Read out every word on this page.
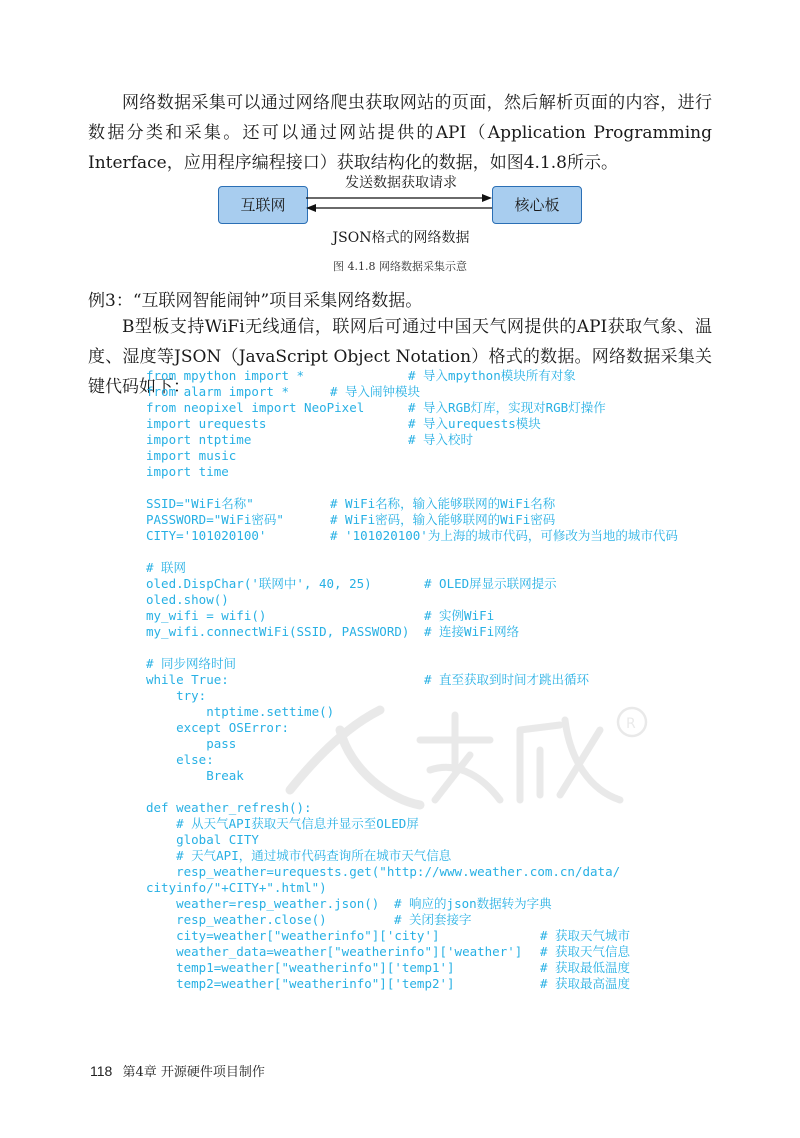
网络数据采集可以通过网络爬虫获取网站的页面，然后解析页面的内容，进行数据分类和采集。还可以通过网站提供的API（Application Programming Interface，应用程序编程接口）获取结构化的数据，如图4.1.8所示。
发送数据获取请求
互联网	核心板
JSON格式的网络数据
图 4.1.8 网络数据采集示意
例3：“互联网智能闹钟”项目采集网络数据。
B型板支持WiFi无线通信，联网后可通过中国天气网提供的API获取气象、温度、湿度等JSON（JavaScript Object Notation）格式的数据。网络数据采集关键代码如下：
from mpython import *	# 导入mpython模块所有对象
from alarm import *	# 导入闹钟模块
from neopixel import NeoPixel	# 导入RGB灯库，实现对RGB灯操作
import urequests	# 导入urequests模块
import ntptime	# 导入校时
import music
import time
SSID="WiFi名称"	# WiFi名称，输入能够联网的WiFi名称
PASSWORD="WiFi密码"	# WiFi密码，输入能够联网的WiFi密码
CITY='101020100'	# '101020100'为上海的城市代码，可修改为当地的城市代码
# 联网
oled.DispChar('联网中', 40, 25)	# OLED屏显示联网提示
oled.show()
my_wifi = wifi()	# 实例WiFi
my_wifi.connectWiFi(SSID, PASSWORD) # 连接WiFi网络
# 同步网络时间
while True:	# 直至获取到时间才跳出循环
try:
ntptime.settime()
except OSError:
pass
else:
Break
def weather_refresh():
# 从天气API获取天气信息并显示至OLED屏
global CITY
# 天气API，通过城市代码查询所在城市天气信息
resp_weather=urequests.get("http://www.weather.com.cn/data/
cityinfo/"+CITY+".html")
weather=resp_weather.json() # 响应的json数据转为字典
resp_weather.close()	# 关闭套接字
city=weather["weatherinfo"]['city']	# 获取天气城市
weather_data=weather["weatherinfo"]['weather'] # 获取天气信息
temp1=weather["weatherinfo"]['temp1']	# 获取最低温度
temp2=weather["weatherinfo"]['temp2']	# 获取最高温度
R
118 第4章 开源硬件项目制作
